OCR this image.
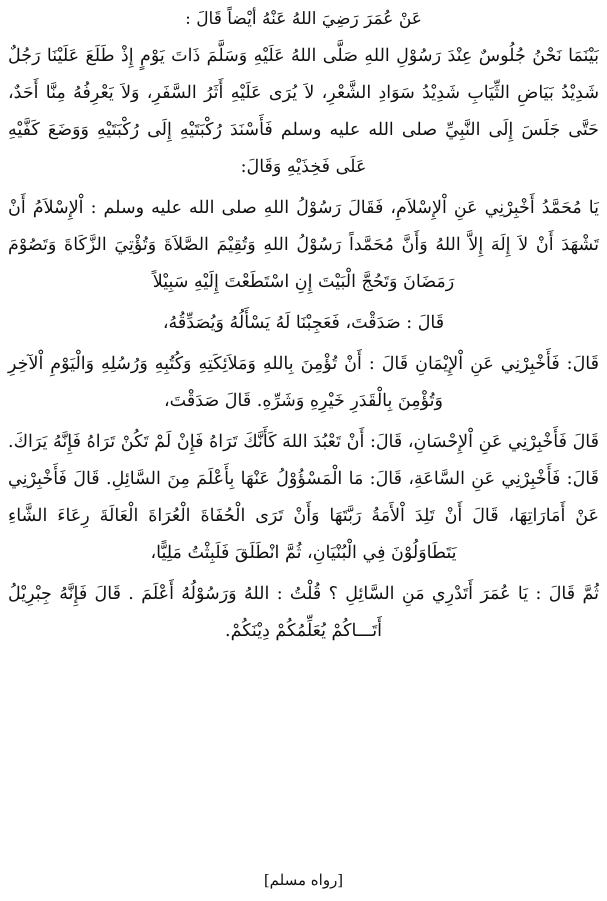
عَنْ عُمَرَ رَضِيَ اللهُ عَنْهُ أيْضاً قَالَ :

بَيْنَمَا نَحْنُ جُلُوسٌ عِنْدَ رَسُوْلِ اللهِ صَلَّى اللهُ عَلَيْهِ وَسَلَّمَ ذَاتَ يَوْمٍ إِذْ طَلَعَ عَلَيْنَا رَجُلٌ شَدِيْدُ بَيَاضِ الثِّيَابِ شَدِيْدُ سَوَادِ الشَّعْرِ، لاَ يُرَى عَلَيْهِ أَثَرُ السَّفَرِ، وَلاَ يَعْرِفُهُ مِنَّا أَحَدٌ، حَتَّى جَلَسَ إِلَى النَّبِيِّ صلى الله عليه وسلم فَأَسْنَدَ رُكْبَتَيْهِ إِلَى رُكْبَتَيْهِ وَوَضَعَ كَفَّيْهِ عَلَى فَخِذَيْهِ وَقَالَ:

يَا مُحَمَّدُ أَخْبِرْنِي عَنِ اْلإِسْلاَمِ، فَقَالَ رَسُوْلُ اللهِ صلى الله عليه وسلم : اْلإِسْلاَمُ أَنْ تَشْهَدَ أَنْ لاَ إِلَهَ إِلاَّ اللهُ وَأَنَّ مُحَمَّداً رَسُوْلُ اللهِ وَتُقِيْمَ الصَّلاَةَ وَتُؤْتِيَ الزَّكَاةَ وَتَصُوْمَ رَمَضَانَ وَتَحُجَّ الْبَيْتَ إِنِ اسْتَطَعْتَ إِلَيْهِ سَبِيْلاً

قَالَ : صَدَقْتَ، فَعَجِبْنَا لَهُ يَسْأَلُهُ وَيُصَدِّقُهُ،

قَالَ: فَأَخْبِرْنِي عَنِ اْلإِيْمَانِ قَالَ : أَنْ تُؤْمِنَ بِاللهِ وَمَلاَئِكَتِهِ وَكُتُبِهِ وَرُسُلِهِ وَالْيَوْمِ اْلآخِرِ وَتُؤْمِنَ بِالْقَدَرِ خَيْرِهِ وَشَرِّهِ. قَالَ صَدَقْتَ،

قَالَ فَأَخْبِرْنِي عَنِ اْلإِحْسَانِ، قَالَ: أَنْ تَعْبُدَ اللهَ كَأَنَّكَ تَرَاهُ فَإِنْ لَمْ تَكُنْ تَرَاهُ فَإِنَّهُ يَرَاكَ. قَالَ: فَأَخْبِرْنِي عَنِ السَّاعَةِ، قَالَ: مَا الْمَسْؤُوْلُ عَنْهَا بِأَعْلَمَ مِنَ السَّائِلِ. قَالَ فَأَخْبِرْنِي عَنْ أَمَارَاتِهَا، قَالَ أَنْ تَلِدَ اْلأَمَةُ رَبَّتَهَا وَأَنْ تَرَى الْحُفَاةَ الْعُرَاةَ الْعَالَةَ رِعَاءَ الشَّاءِ يَتَطَاوَلُوْنَ فِي الْبُنْيَانِ، ثُمَّ انْطَلَقَ فَلَبِثْتُ مَلِيًّا،

ثُمَّ قَالَ : يَا عُمَرَ أَتَدْرِي مَنِ السَّائِلِ ؟ قُلْتُ : اللهُ وَرَسُوْلُهُ أَعْلَمَ . قَالَ فَإِنَّهُ جِبْرِيْلُ أَتَـــاكُمْ يُعَلِّمُكُمْ دِيْنَكُمْ.

[رواه مسلم]
